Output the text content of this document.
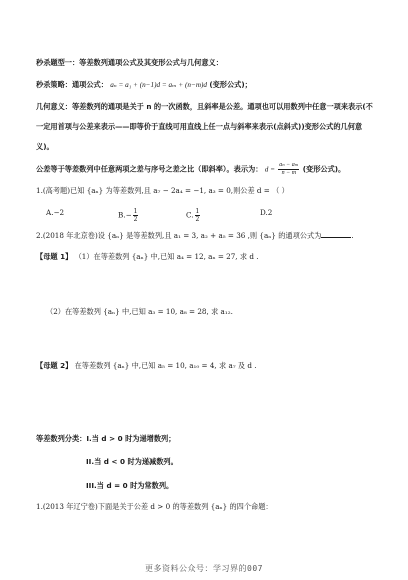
秒杀题型一：等差数列通项公式及其变形公式与几何意义：
秒杀策略：通项公式： aₙ = a₁ + (n−1)d = aₘ + (n−m)d (变形公式)；
几何意义：等差数列的通项是关于 n 的一次函数，且斜率是公差。通项也可以用数列中任意一项来表示(不
一定用首项与公差来表示——即等价于直线可用直线上任一点与斜率来表示(点斜式))变形公式的几何意
义)。
公差等于等差数列中任意两项之差与序号之差之比（即斜率）。表示为： $d = \frac{\text{aₙ − aₘ}}{n - m}$ (变形公式)。
1.(高考题)已知 {aₙ} 为等差数列,且 a₇ − 2a₄ = −1, a₃ = 0,则公差 d = （ ）
A.−2	$B.- \frac{1}{2}$	C. $\frac{1}{2}$	D.2
2.(2018 年北京卷)设 {aₙ} 是等差数列,且 a₁ = 3, a₂ + a₅ = 36 ,则 {aₙ} 的通项公式为	.
【母题 1】 （1）在等差数列 {aₙ} 中,已知 a₄ = 12, aₙ = 27, 求 d .
（2）在等差数列 {aₙ} 中,已知 a₃ = 10, a₈ = 28, 求 a₁₂.
【母题 2】 在等差数列 {aₙ} 中,已知 a₅ = 10, a₁₀ = 4, 求 a₇ 及 d .
等差数列分类：I.当 d > 0 时为递增数列；
II.当 d < 0 时为递减数列。
III.当 d = 0 时为常数列。
1.(2013 年辽宁卷)下面是关于公差 d > 0 的等差数列 {aₙ} 的四个命题：
更多资料公众号：学习界的007
